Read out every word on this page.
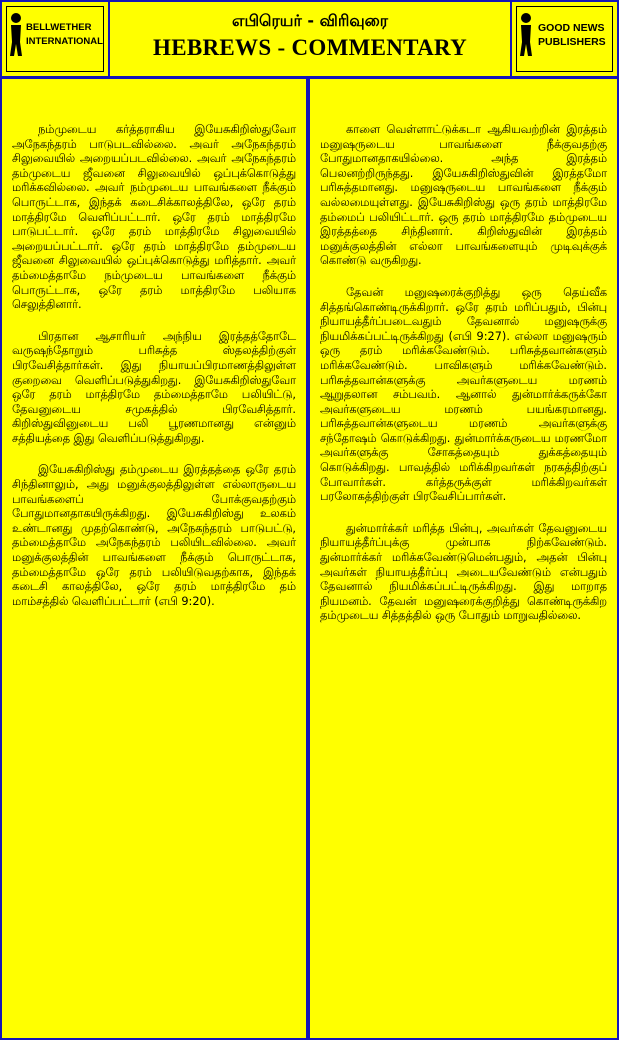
BELLWETHER
INTERNATIONAL
எபிரெயர் - விரிவுரை
HEBREWS - COMMENTARY
GOOD NEWS
PUBLISHERS

நம்முடைய கர்த்தராகிய இயேசுகிறிஸ்துவோ அநேகந்தரம் பாடுபடவில்லை. அவர் அநேகந்தரம் சிலுவையில் அறையப்படவில்லை. அவர் அநேகந்தரம் தம்முடைய ஜீவனை சிலுவையில் ஒப்புக்கொடுத்து மரிக்கவில்லை. அவர் நம்முடைய பாவங்களை நீக்கும் பொருட்டாக, இந்தக் கடைசிக்காலத்திலே, ஒரே தரம் மாத்திரமே வெளிப்பட்டார். ஒரே தரம் மாத்திரமே பாடுபட்டார். ஒரே தரம் மாத்திரமே சிலுவையில் அறையப்பட்டார். ஒரே தரம் மாத்திரமே தம்முடைய ஜீவனை சிலுவையில் ஒப்புக்கொடுத்து மரித்தார். அவர் தம்மைத்தாமே நம்முடைய பாவங்களை நீக்கும் பொருட்டாக, ஒரே தரம் மாத்திரமே பலியாக செலுத்தினார்.

பிரதான ஆசாரியர் அந்நிய இரத்தத்தோடே வருஷந்தோறும் பரிசுத்த ஸ்தலத்திற்குள் பிரவேசித்தார்கள். இது நியாயப்பிரமாணத்திலுள்ள குறைவை வெளிப்படுத்துகிறது. இயேசுகிறிஸ்துவோ ஒரே தரம் மாத்திரமே தம்மைத்தாமே பலியிட்டு, தேவனுடைய சமுகத்தில் பிரவேசித்தார். கிறிஸ்துவினுடைய பலி பூரணமானது என்னும் சத்தியத்தை இது வெளிப்படுத்துகிறது.

இயேசுகிறிஸ்து தம்முடைய இரத்தத்தை ஒரே தரம் சிந்தினாலும், அது மனுக்குலத்திலுள்ள எல்லாருடைய பாவங்களைப் போக்குவதற்கும் போதுமானதாகயிருக்கிறது. இயேசுகிறிஸ்து உலகம் உண்டானது முதற்கொண்டு, அநேகந்தரம் பாடுபட்டு, தம்மைத்தாமே அநேகந்தரம் பலியிடவில்லை. அவர் மனுக்குலத்தின் பாவங்களை நீக்கும் பொருட்டாக, தம்மைத்தாமே ஒரே தரம் பலியிடுவதற்காக, இந்தக் கடைசி காலத்திலே, ஒரே தரம் மாத்திரமே தம் மாம்சத்தில் வெளிப்பட்டார் (எபி 9:20).

காளை வெள்ளாட்டுக்கடா ஆகியவற்றின் இரத்தம் மனுஷருடைய பாவங்களை நீக்குவதற்கு போதுமானதாகயில்லை. அந்த இரத்தம் பெலனற்றிருந்தது. இயேசுகிறிஸ்துவின் இரத்தமோ பரிசுத்தமானது. மனுஷருடைய பாவங்களை நீக்கும் வல்லமையுள்ளது. இயேசுகிறிஸ்து ஒரு தரம் மாத்திரமே தம்மைப் பலியிட்டார். ஒரு தரம் மாத்திரமே தம்முடைய இரத்தத்தை சிந்தினார். கிறிஸ்துவின் இரத்தம் மனுக்குலத்தின் எல்லா பாவங்களையும் முடிவுக்குக் கொண்டு வருகிறது.

தேவன் மனுஷரைக்குறித்து ஒரு தெய்வீக சித்தங்கொண்டிருக்கிறார். ஒரே தரம் மரிப்பதும், பின்பு நியாயத்தீர்ப்படைவதும் தேவனால் மனுஷருக்கு நியமிக்கப்பட்டிருக்கிறது (எபி 9:27). எல்லா மனுஷரும் ஒரு தரம் மரிக்கவேண்டும். பரிசுத்தவான்களும் மரிக்கவேண்டும். பாவிகளும் மரிக்கவேண்டும். பரிசுத்தவான்களுக்கு அவர்களுடைய மரணம் ஆறுதலான சம்பவம். ஆனால் துன்மார்க்கருக்கோ அவர்களுடைய மரணம் பயங்கரமானது. பரிசுத்தவான்களுடைய மரணம் அவர்களுக்கு சந்தோஷம் கொடுக்கிறது. துன்மார்க்கருடைய மரணமோ அவர்களுக்கு சோகத்தையும் துக்கத்தையும் கொடுக்கிறது. பாவத்தில் மரிக்கிறவர்கள் நரகத்திற்குப் போவார்கள். கர்த்தருக்குள் மரிக்கிறவர்கள் பரலோகத்திற்குள் பிரவேசிப்பார்கள்.

துன்மார்க்கர் மரித்த பின்பு, அவர்கள் தேவனுடைய நியாயத்தீர்ப்புக்கு முன்பாக நிற்கவேண்டும். துன்மார்க்கர் மரிக்கவேண்டுமென்பதும், அதன் பின்பு அவர்கள் நியாயத்தீர்ப்பு அடையவேண்டும் என்பதும் தேவனால் நியமிக்கப்பட்டிருக்கிறது. இது மாறாத நியமனம். தேவன் மனுஷரைக்குறித்து கொண்டிருக்கிற தம்முடைய சித்தத்தில் ஒரு போதும் மாறுவதில்லை.
